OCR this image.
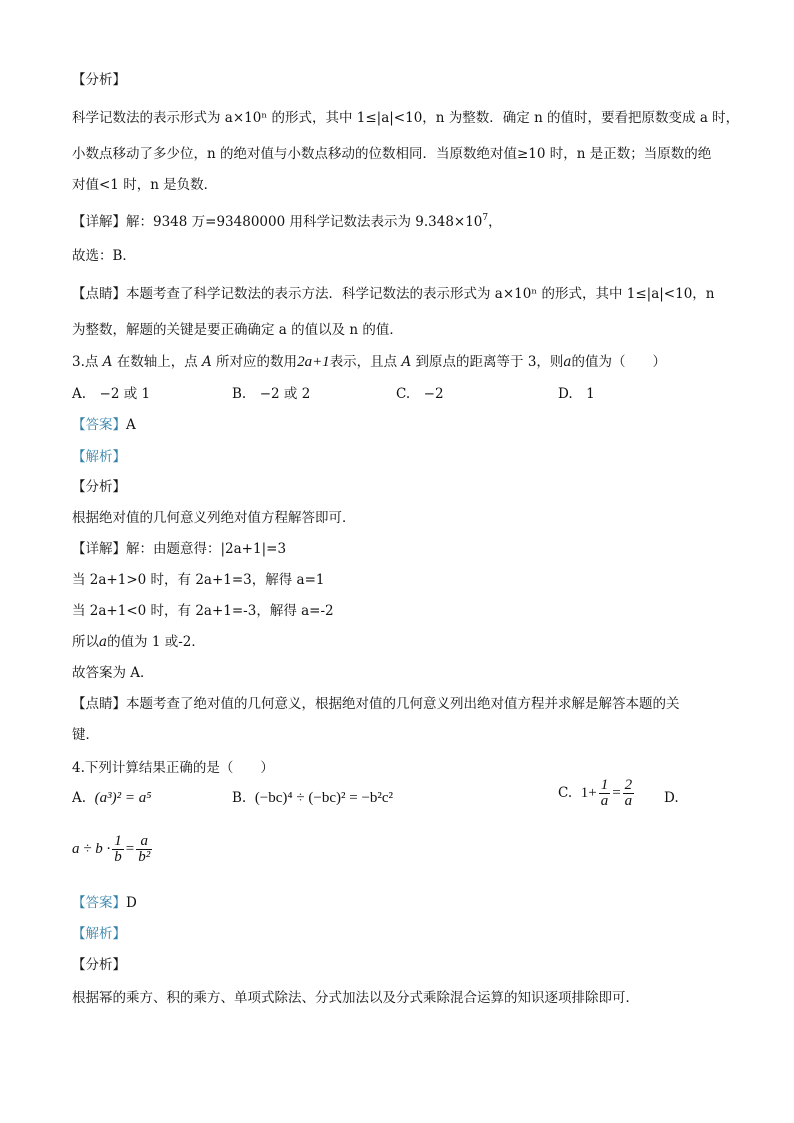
【分析】
科学记数法的表示形式为 a×10ⁿ 的形式，其中 1≤|a|<10，n 为整数．确定 n 的值时，要看把原数变成 a 时，
小数点移动了多少位，n 的绝对值与小数点移动的位数相同．当原数绝对值≥10 时，n 是正数；当原数的绝
对值<1 时，n 是负数．
【详解】解：9348 万=93480000 用科学记数法表示为 $9.348\times 10^7$，
故选：B．
【点睛】本题考查了科学记数法的表示方法．科学记数法的表示形式为 a×10ⁿ 的形式，其中 1≤|a|<10，n
为整数，解题的关键是要正确确定 a 的值以及 n 的值．
3.点 A 在数轴上，点 A 所对应的数用2a+1表示，且点 A 到原点的距离等于 3，则a的值为（　　）
A.　−2 或 1	B.　−2 或 2	C.　−2	D.　1
【答案】A
【解析】
【分析】
根据绝对值的几何意义列绝对值方程解答即可．
【详解】解：由题意得：|2a+1|=3
当 2a+1>0 时，有 2a+1=3，解得 a=1
当 2a+1<0 时，有 2a+1=-3，解得 a=-2
所以a的值为 1 或-2．
故答案为 A．
【点睛】本题考查了绝对值的几何意义，根据绝对值的几何意义列出绝对值方程并求解是解答本题的关
键．
4.下列计算结果正确的是（　　）
A. (a³)² = a⁵	B. (−bc)⁴ ÷ (−bc)² = −b²c²	C. $1+ \frac{1}{a} = \frac{2}{a} D$.
$a \div b \cdot \frac{1}{b} = \frac{a}{\text{b²}}$
【答案】D
【解析】
【分析】
根据幂的乘方、积的乘方、单项式除法、分式加法以及分式乘除混合运算的知识逐项排除即可．
